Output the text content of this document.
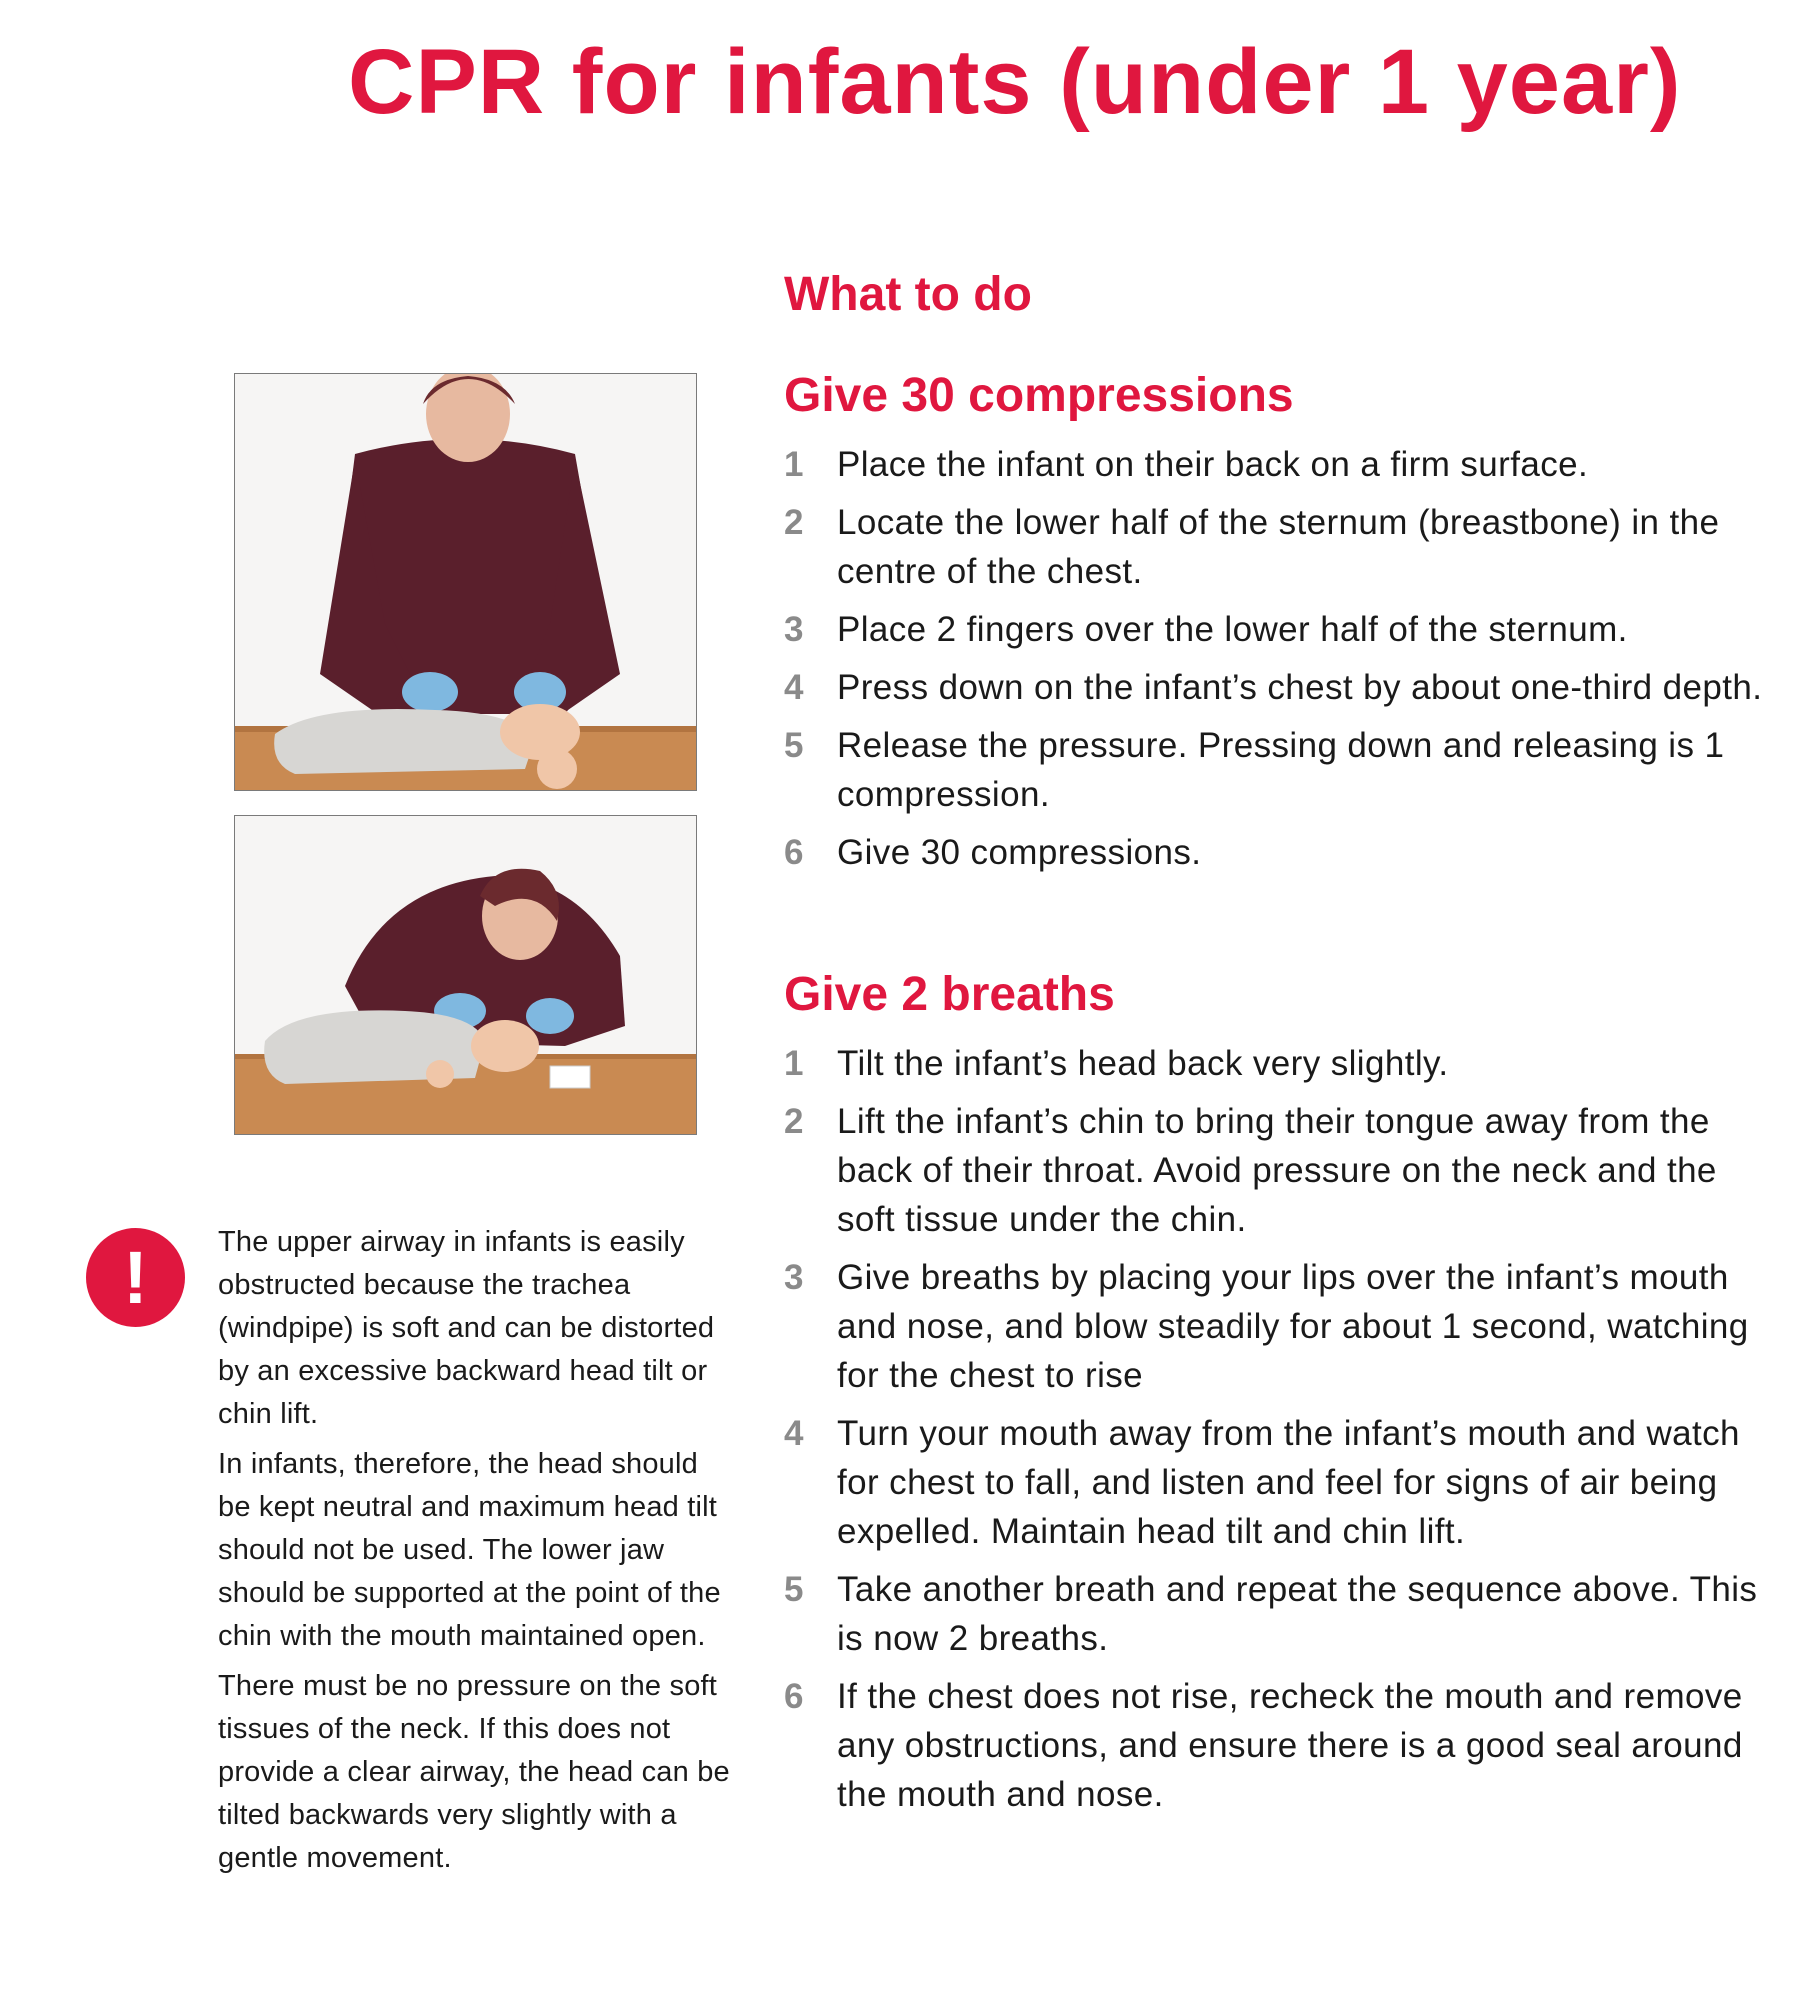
CPR for infants (under 1 year)
What to do
Give 30 compressions
1 Place the infant on their back on a firm surface.
2 Locate the lower half of the sternum (breastbone) in the centre of the chest.
3 Place 2 fingers over the lower half of the sternum.
4 Press down on the infant’s chest by about one-third depth.
5 Release the pressure. Pressing down and releasing is 1 compression.
6 Give 30 compressions.
Give 2 breaths
1 Tilt the infant’s head back very slightly.
2 Lift the infant’s chin to bring their tongue away from the back of their throat. Avoid pressure on the neck and the soft tissue under the chin.
3 Give breaths by placing your lips over the infant’s mouth and nose, and blow steadily for about 1 second, watching for the chest to rise
4 Turn your mouth away from the infant’s mouth and watch for chest to fall, and listen and feel for signs of air being expelled. Maintain head tilt and chin lift.
5 Take another breath and repeat the sequence above. This is now 2 breaths.
6 If the chest does not rise, recheck the mouth and remove any obstructions, and ensure there is a good seal around the mouth and nose.
! The upper airway in infants is easily obstructed because the trachea (windpipe) is soft and can be distorted by an excessive backward head tilt or chin lift.

In infants, therefore, the head should be kept neutral and maximum head tilt should not be used. The lower jaw should be supported at the point of the chin with the mouth maintained open.

There must be no pressure on the soft tissues of the neck. If this does not provide a clear airway, the head can be tilted backwards very slightly with a gentle movement.
